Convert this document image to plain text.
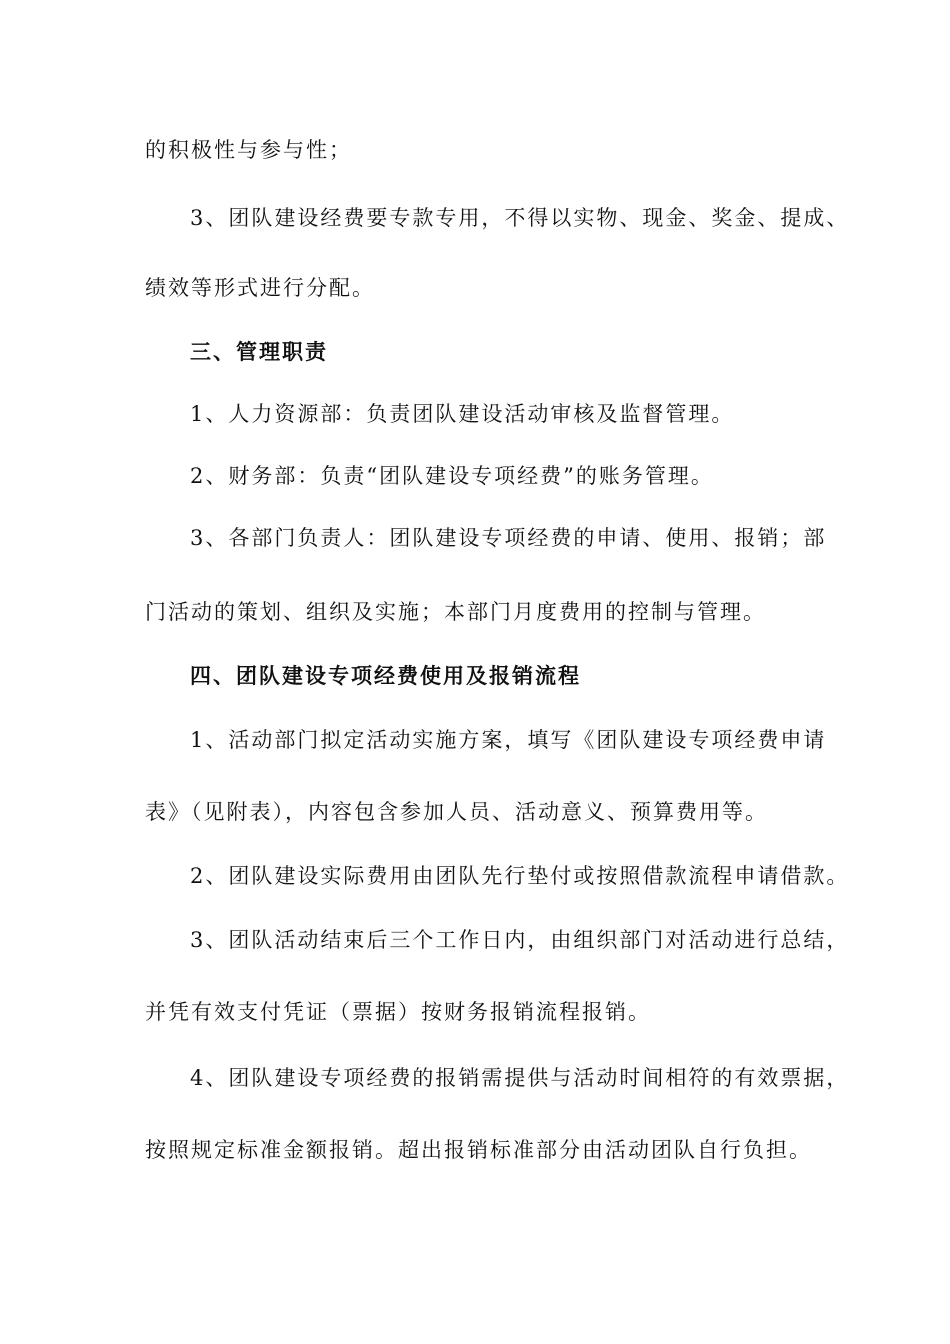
的积极性与参与性；
3、团队建设经费要专款专用，不得以实物、现金、奖金、提成、
绩效等形式进行分配。
三、管理职责
1、人力资源部：负责团队建设活动审核及监督管理。
2、财务部：负责“团队建设专项经费”的账务管理。
3、各部门负责人：团队建设专项经费的申请、使用、报销；部
门活动的策划、组织及实施；本部门月度费用的控制与管理。
四、团队建设专项经费使用及报销流程
1、活动部门拟定活动实施方案，填写《团队建设专项经费申请
表》（见附表），内容包含参加人员、活动意义、预算费用等。
2、团队建设实际费用由团队先行垫付或按照借款流程申请借款。
3、团队活动结束后三个工作日内，由组织部门对活动进行总结，
并凭有效支付凭证（票据）按财务报销流程报销。
4、团队建设专项经费的报销需提供与活动时间相符的有效票据，
按照规定标准金额报销。超出报销标准部分由活动团队自行负担。
